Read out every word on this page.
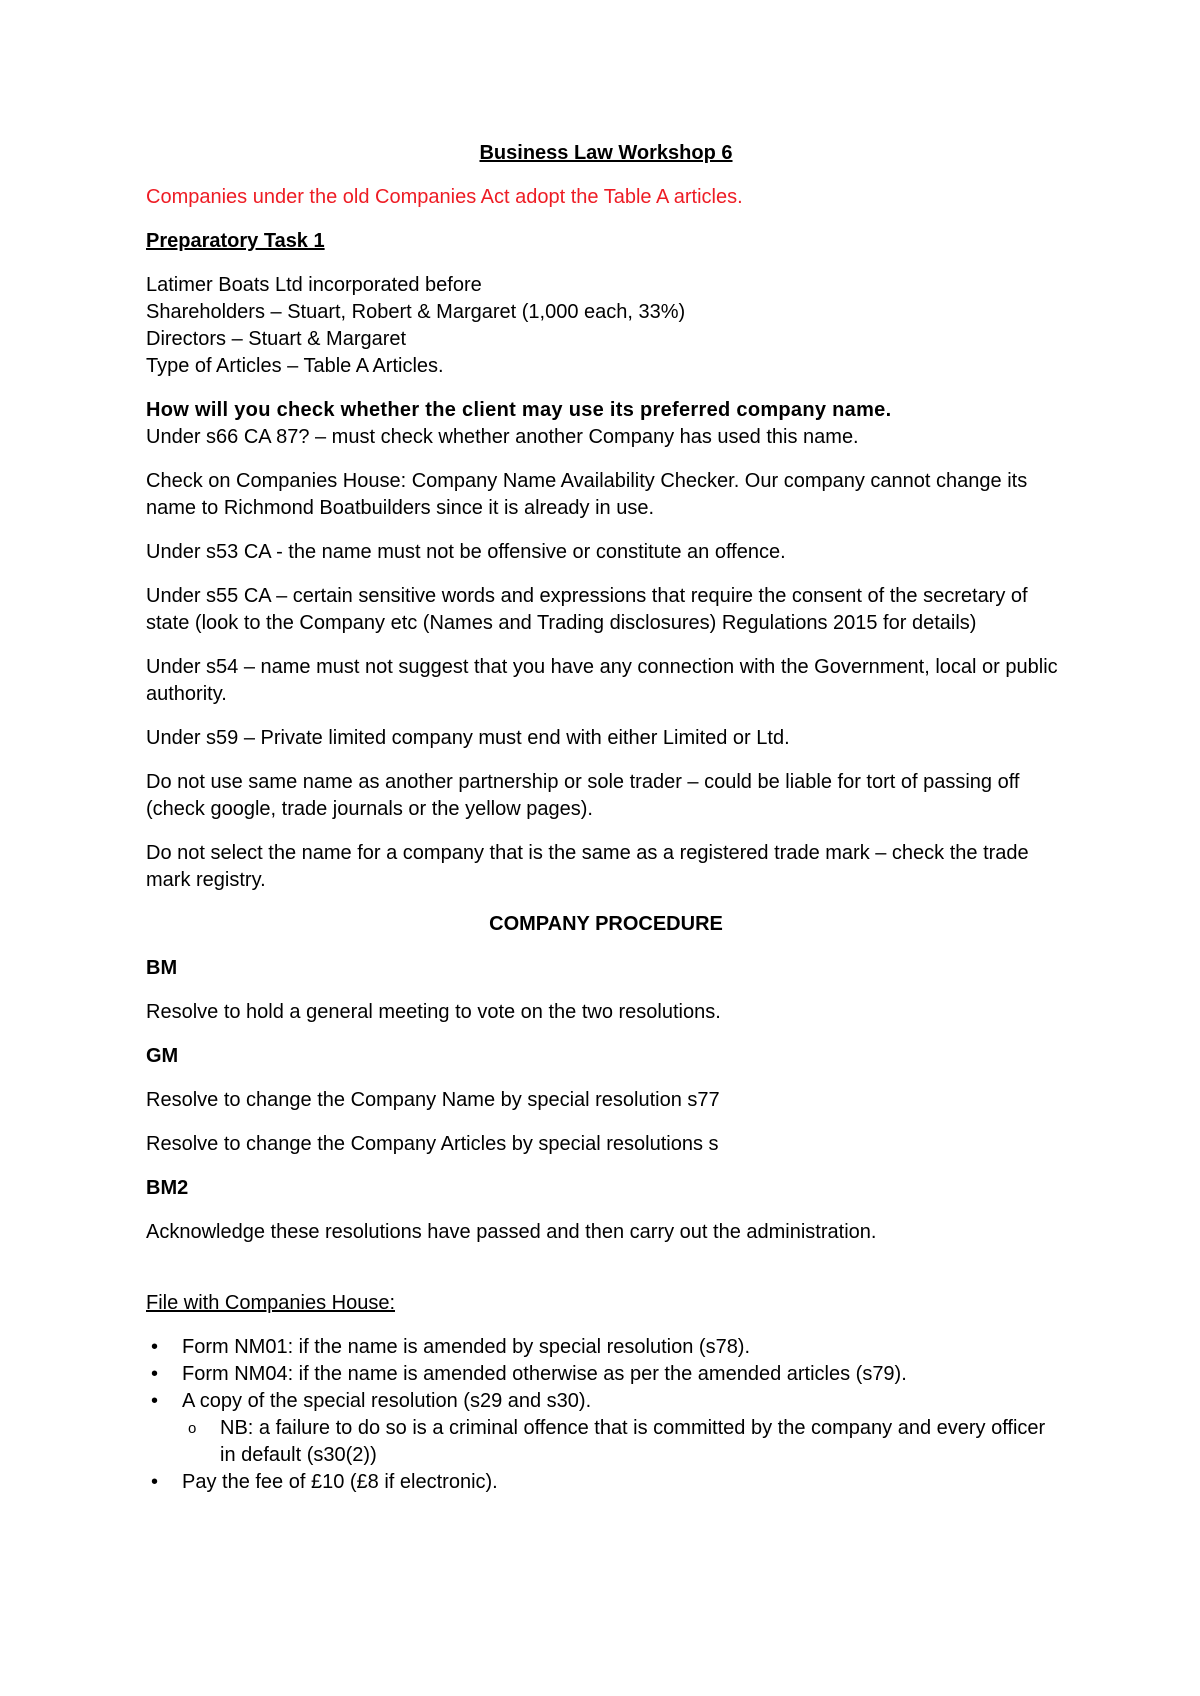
Business Law Workshop 6

Companies under the old Companies Act adopt the Table A articles.

Preparatory Task 1

Latimer Boats Ltd incorporated before

Shareholders – Stuart, Robert & Margaret (1,000 each, 33%)

Directors – Stuart & Margaret

Type of Articles – Table A Articles.

How will you check whether the client may use its preferred company name.

Under s66 CA 87? – must check whether another Company has used this name.

Check on Companies House: Company Name Availability Checker. Our company cannot change its name to Richmond Boatbuilders since it is already in use.

Under s53 CA - the name must not be offensive or constitute an offence.

Under s55 CA – certain sensitive words and expressions that require the consent of the secretary of state (look to the Company etc (Names and Trading disclosures) Regulations 2015 for details)

Under s54 – name must not suggest that you have any connection with the Government, local or public authority.

Under s59 – Private limited company must end with either Limited or Ltd.

Do not use same name as another partnership or sole trader – could be liable for tort of passing off (check google, trade journals or the yellow pages).

Do not select the name for a company that is the same as a registered trade mark – check the trade mark registry.

COMPANY PROCEDURE

BM

Resolve to hold a general meeting to vote on the two resolutions.

GM

Resolve to change the Company Name by special resolution s77

Resolve to change the Company Articles by special resolutions s

BM2

Acknowledge these resolutions have passed and then carry out the administration.

File with Companies House:

• Form NM01: if the name is amended by special resolution (s78).
• Form NM04: if the name is amended otherwise as per the amended articles (s79).
• A copy of the special resolution (s29 and s30).
o NB: a failure to do so is a criminal offence that is committed by the company and every officer in default (s30(2))
• Pay the fee of £10 (£8 if electronic).
